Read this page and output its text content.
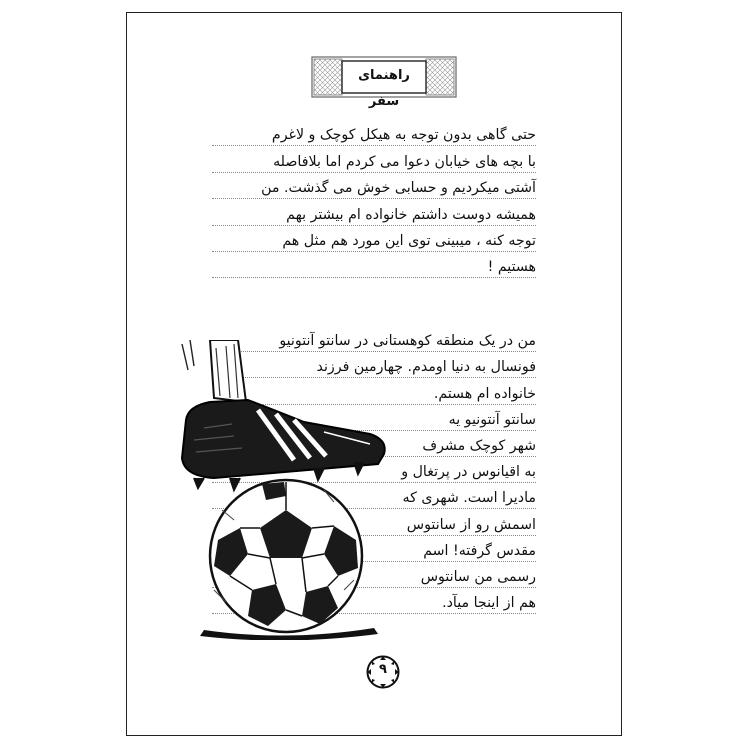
راهنمای سفر
حتی گاهی بدون توجه به هیکل کوچک و لاغرم
با بچه های خیابان دعوا می کردم اما بلافاصله
آشتی میکردیم و حسابی خوش می گذشت. من
همیشه دوست داشتم خانواده ام بیشتر بهم
توجه کنه ، میبینی توی این مورد هم مثل هم
هستیم !
من در یک منطقه کوهستانی در سانتو آنتونیو
فونسال به دنیا اومدم. چهارمین فرزند
خانواده ام هستم.
سانتو آنتونیو یه
شهر کوچک مشرف
به اقیانوس در پرتغال و
مادیرا است. شهری که
اسمش رو از سانتوس
مقدس گرفته! اسم
رسمی من سانتوس
هم از اینجا میآد.
۹
